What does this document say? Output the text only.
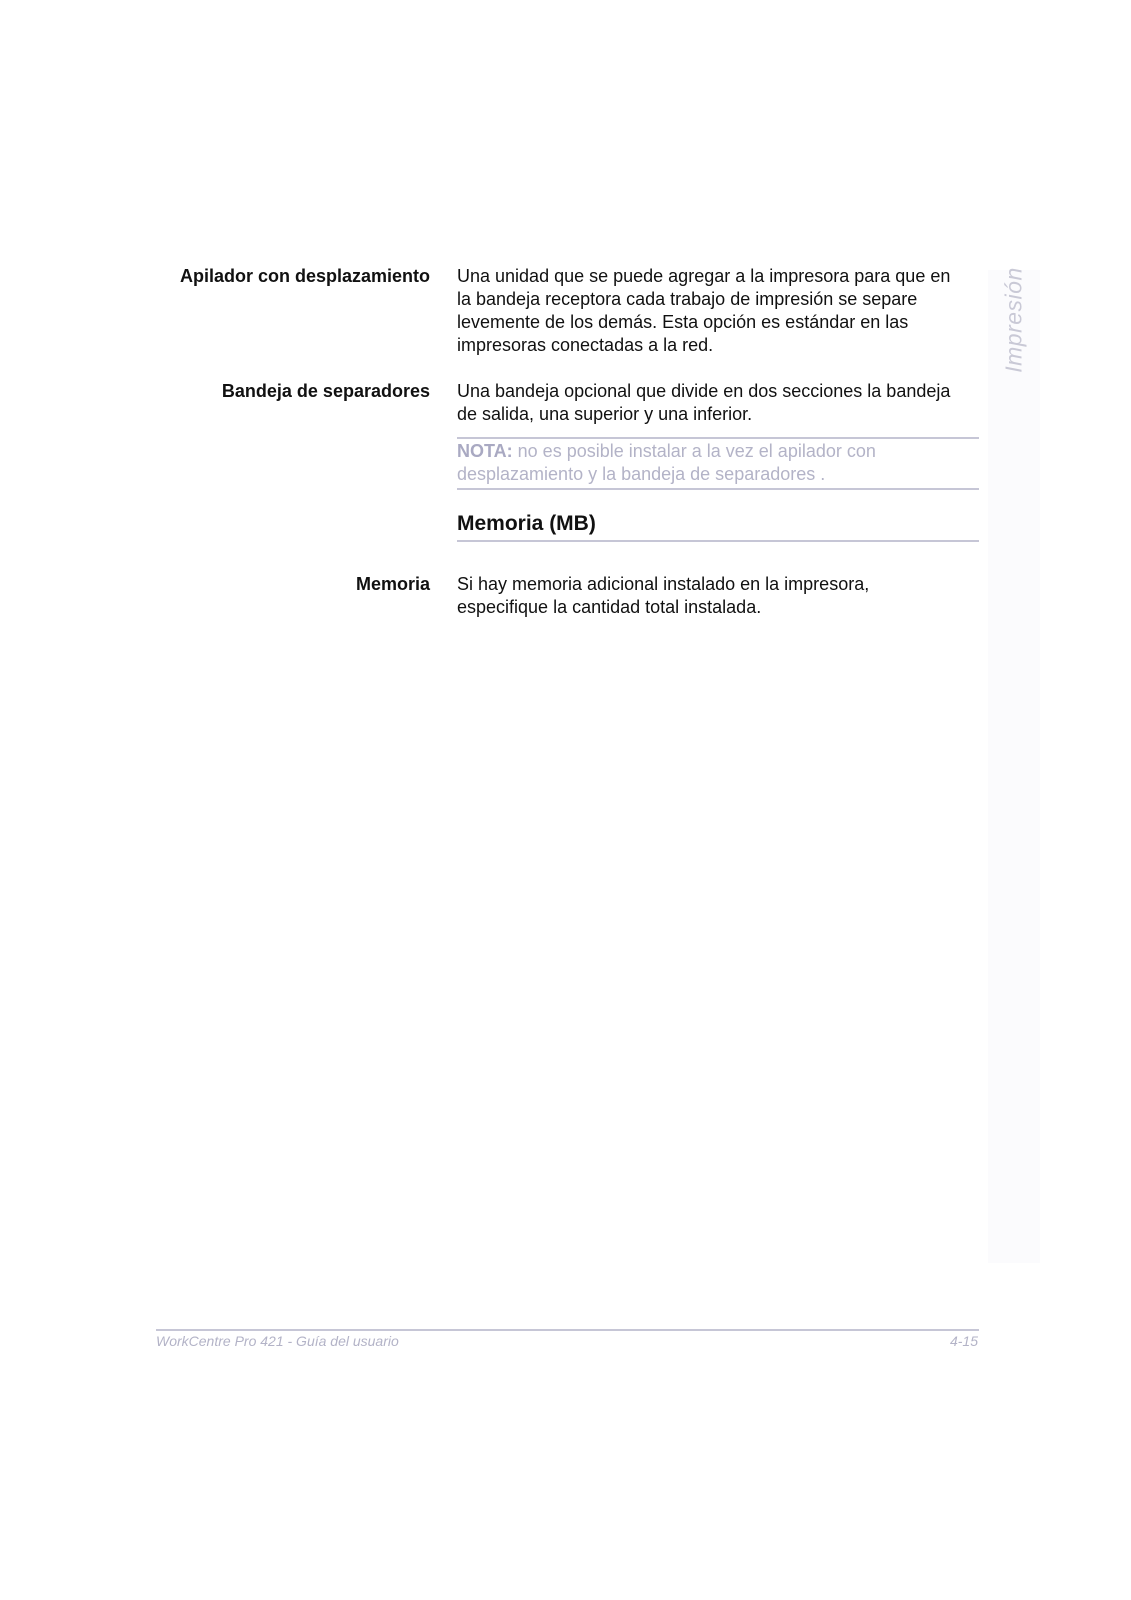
Impresión
Apilador con desplazamiento Una unidad que se puede agregar a la impresora para que en

la bandeja receptora cada trabajo de impresión se separe

levemente de los demás. Esta opción es estándar en las

impresoras conectadas a la red.

Bandeja de separadores Una bandeja opcional que divide en dos secciones la bandeja

de salida, una superior y una inferior.

NOTA: no es posible instalar a la vez el apilador con
desplazamiento y la bandeja de separadores .
Memoria (MB)
Memoria Si hay memoria adicional instalado en la impresora,

especifique la cantidad total instalada.

WorkCentre Pro 421 - Guía del usuario	4-15
